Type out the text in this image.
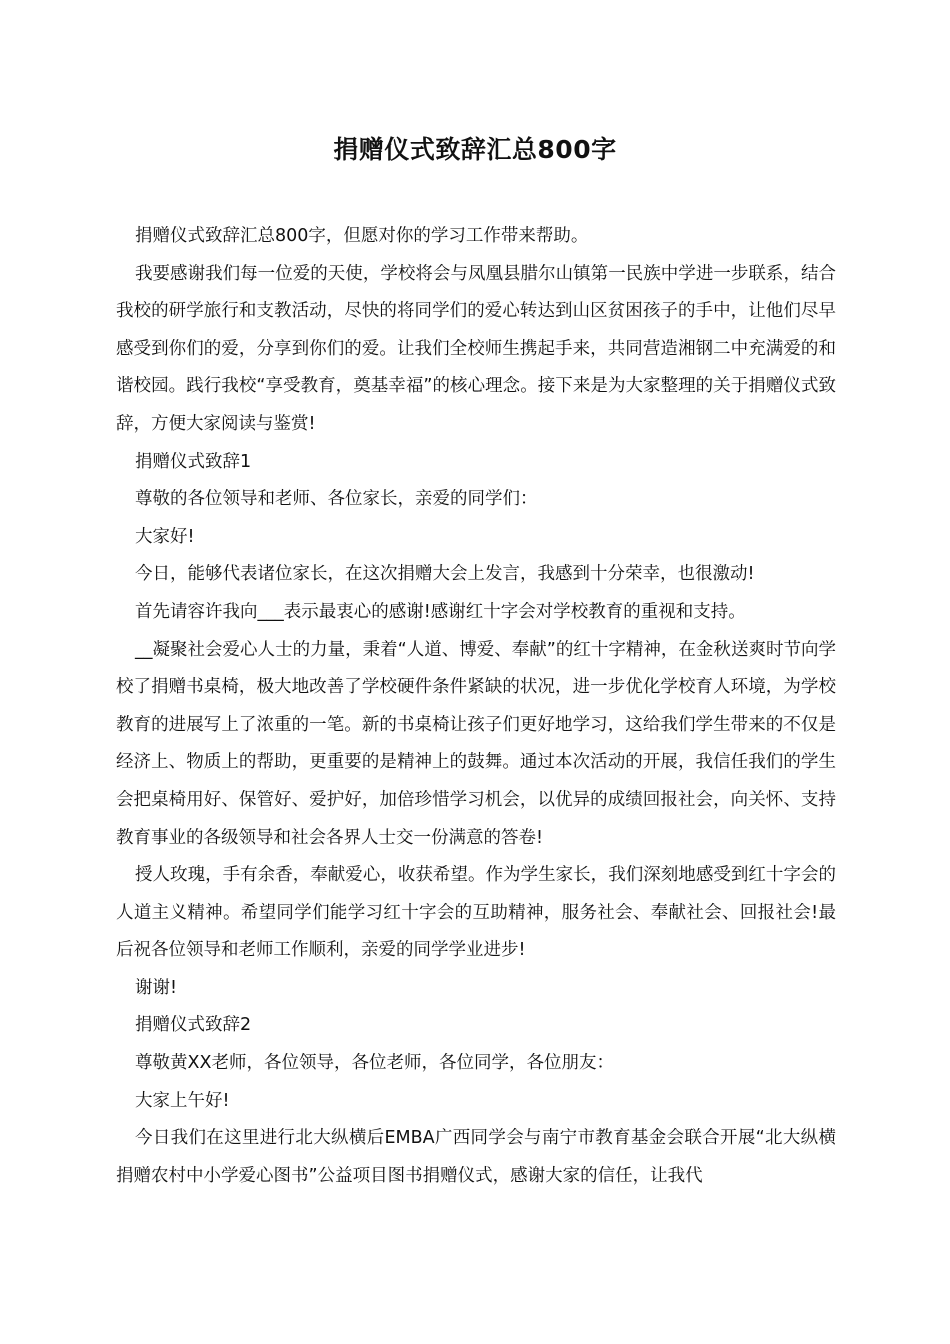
捐赠仪式致辞汇总800字

捐赠仪式致辞汇总800字，但愿对你的学习工作带来帮助。

我要感谢我们每一位爱的天使，学校将会与凤凰县腊尔山镇第一民族中学进一步联系，结合我校的研学旅行和支教活动，尽快的将同学们的爱心转达到山区贫困孩子的手中，让他们尽早感受到你们的爱，分享到你们的爱。让我们全校师生携起手来，共同营造湘钢二中充满爱的和谐校园。践行我校“享受教育，奠基幸福”的核心理念。接下来是为大家整理的关于捐赠仪式致辞，方便大家阅读与鉴赏!

捐赠仪式致辞1

尊敬的各位领导和老师、各位家长，亲爱的同学们：

大家好!

今日，能够代表诸位家长，在这次捐赠大会上发言，我感到十分荣幸，也很激动!

首先请容许我向___表示最衷心的感谢!感谢红十字会对学校教育的重视和支持。

__凝聚社会爱心人士的力量，秉着“人道、博爱、奉献”的红十字精神，在金秋送爽时节向学校了捐赠书桌椅，极大地改善了学校硬件条件紧缺的状况，进一步优化学校育人环境，为学校教育的进展写上了浓重的一笔。新的书桌椅让孩子们更好地学习，这给我们学生带来的不仅是经济上、物质上的帮助，更重要的是精神上的鼓舞。通过本次活动的开展，我信任我们的学生会把桌椅用好、保管好、爱护好，加倍珍惜学习机会，以优异的成绩回报社会，向关怀、支持教育事业的各级领导和社会各界人士交一份满意的答卷!

授人玫瑰，手有余香，奉献爱心，收获希望。作为学生家长，我们深刻地感受到红十字会的人道主义精神。希望同学们能学习红十字会的互助精神，服务社会、奉献社会、回报社会!最后祝各位领导和老师工作顺利，亲爱的同学学业进步!

谢谢!

捐赠仪式致辞2

尊敬黄XX老师，各位领导，各位老师，各位同学，各位朋友：

大家上午好!

今日我们在这里进行北大纵横后EMBA广西同学会与南宁市教育基金会联合开展“北大纵横捐赠农村中小学爱心图书”公益项目图书捐赠仪式，感谢大家的信任，让我代
